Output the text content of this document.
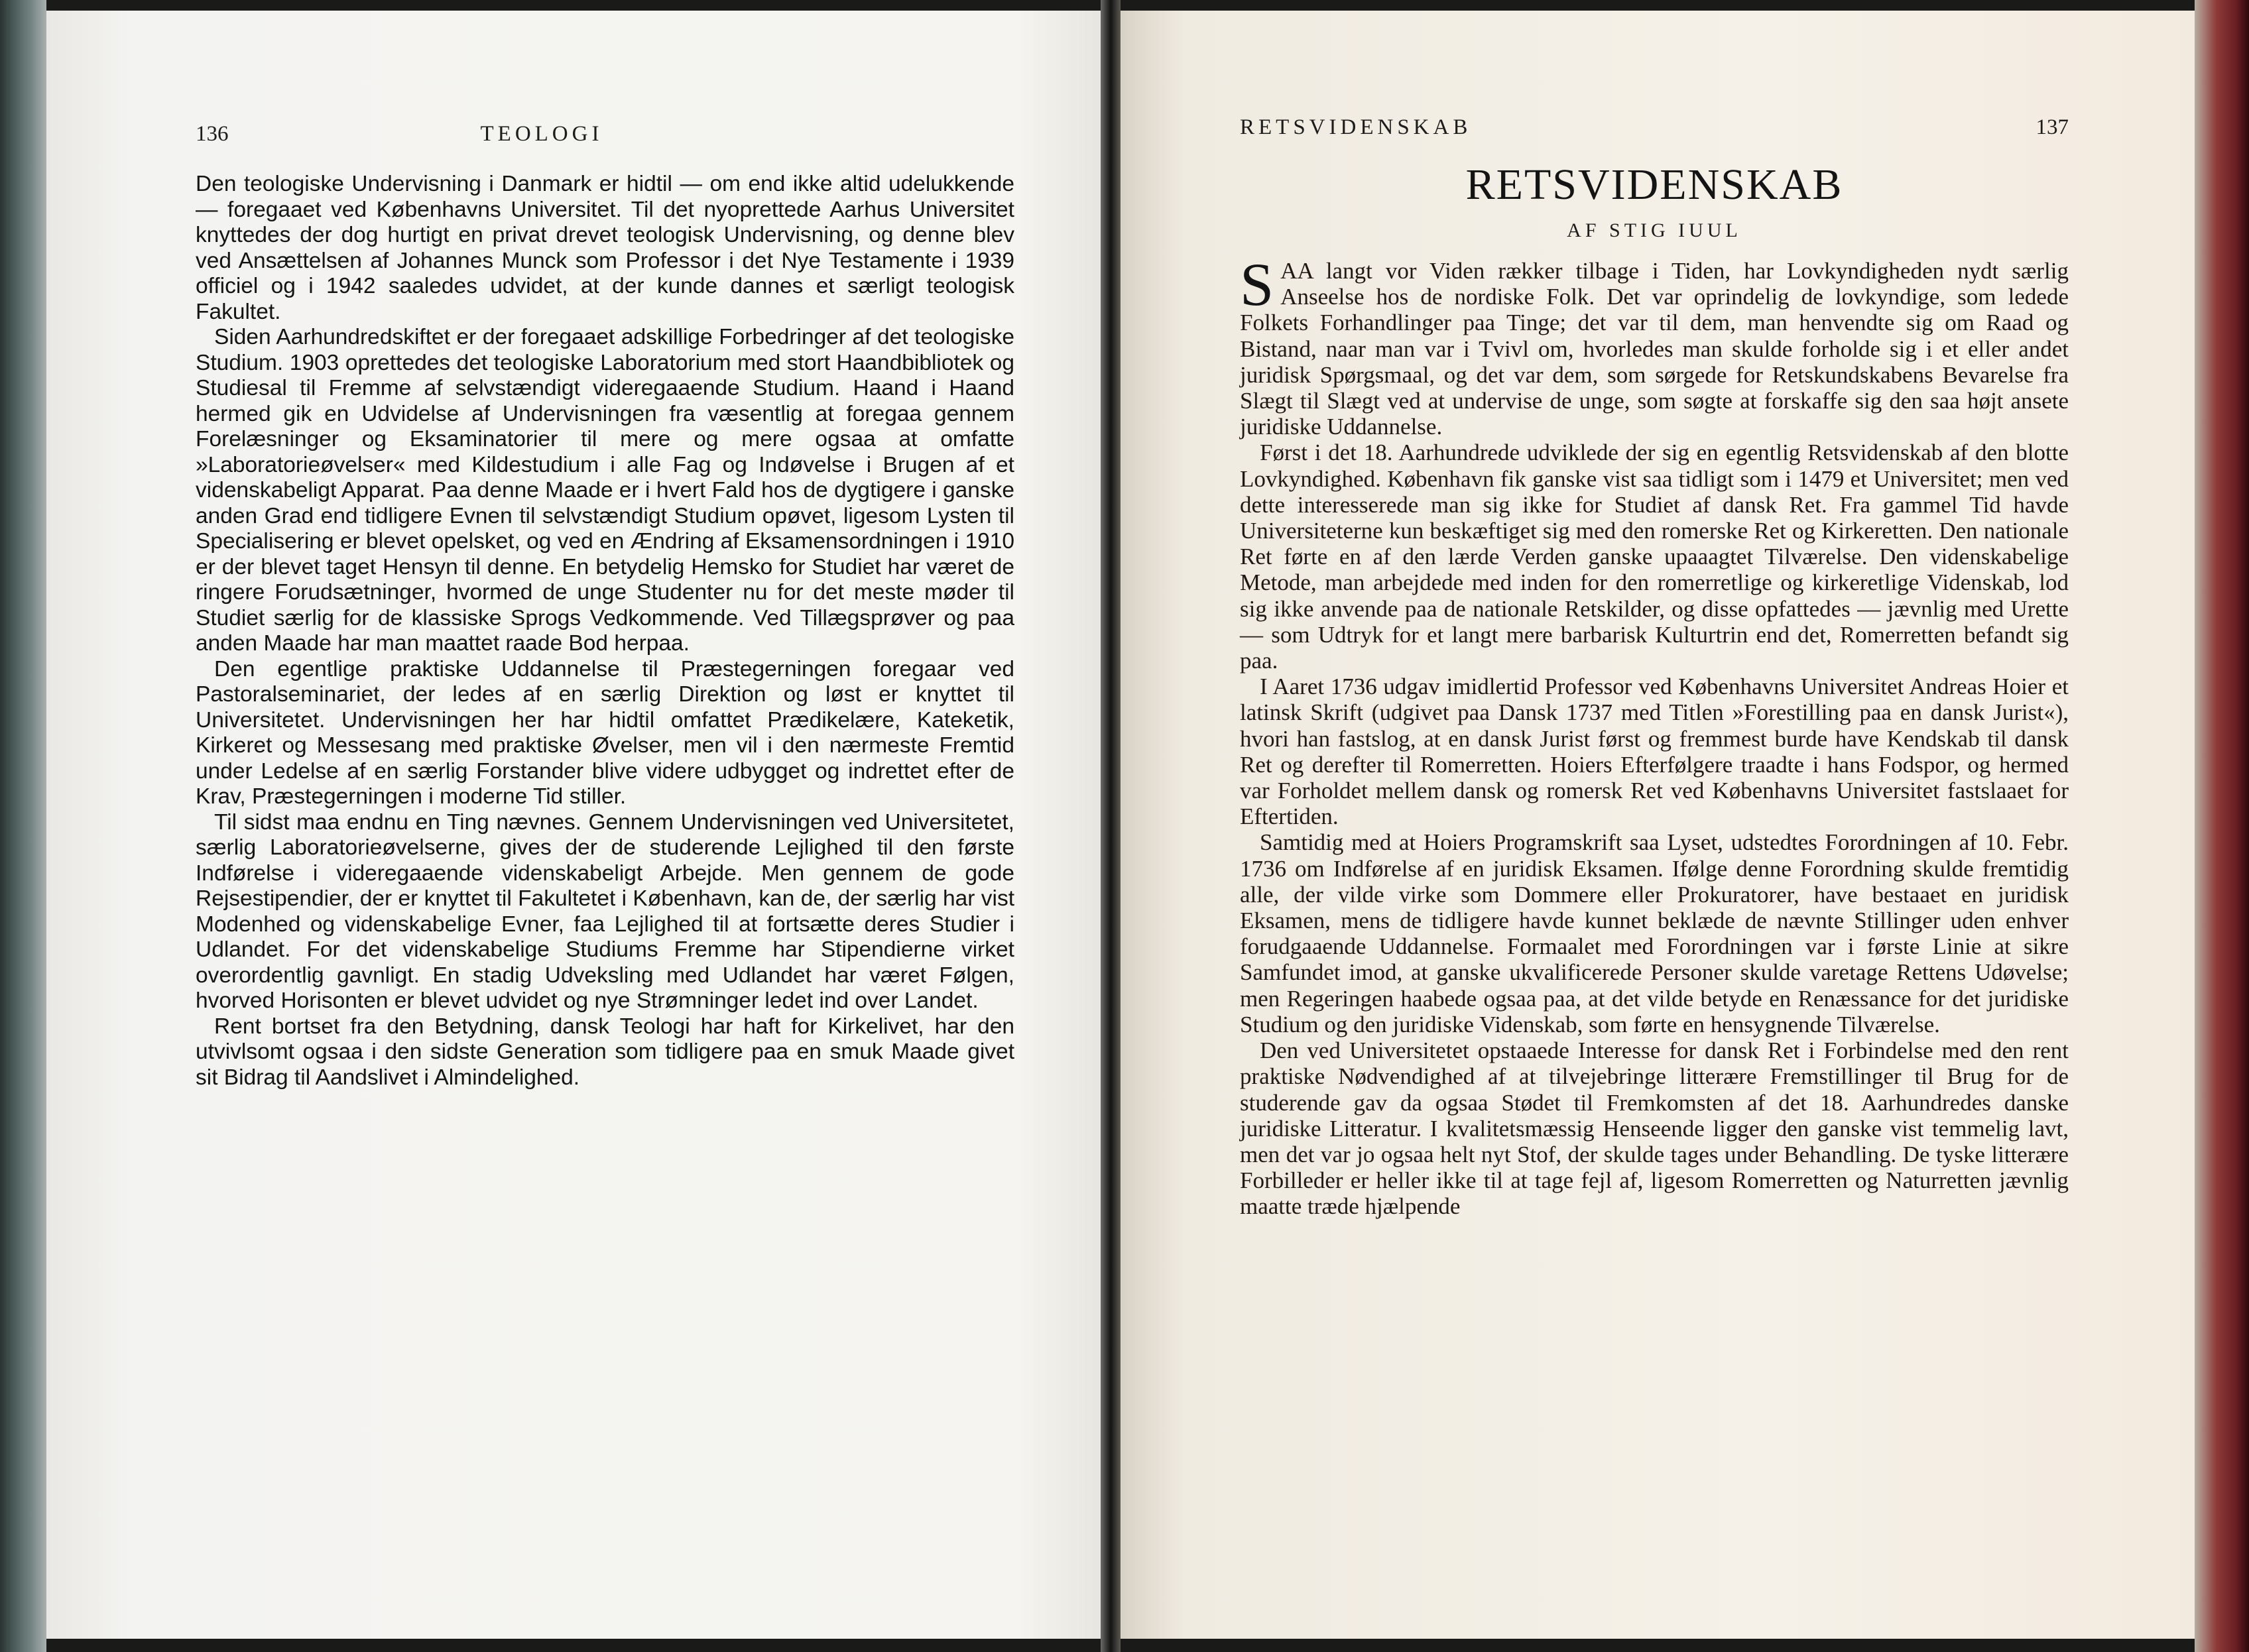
136	TEOLOGI

Den teologiske Undervisning i Danmark er hidtil — om end ikke altid udelukkende — foregaaet ved Københavns Universitet. Til det nyoprettede Aarhus Universitet knyttedes der dog hurtigt en privat drevet teologisk Undervisning, og denne blev ved Ansættelsen af Johannes Munck som Professor i det Nye Testamente i 1939 officiel og i 1942 saaledes udvidet, at der kunde dannes et særligt teologisk Fakultet.

Siden Aarhundredskiftet er der foregaaet adskillige Forbedringer af det teologiske Studium. 1903 oprettedes det teologiske Laboratorium med stort Haandbibliotek og Studiesal til Fremme af selvstændigt videregaaende Studium. Haand i Haand hermed gik en Udvidelse af Undervisningen fra væsentlig at foregaa gennem Forelæsninger og Eksaminatorier til mere og mere ogsaa at omfatte »Laboratorieøvelser« med Kildestudium i alle Fag og Indøvelse i Brugen af et videnskabeligt Apparat. Paa denne Maade er i hvert Fald hos de dygtigere i ganske anden Grad end tidligere Evnen til selvstændigt Studium opøvet, ligesom Lysten til Specialisering er blevet opelsket, og ved en Ændring af Eksamensordningen i 1910 er der blevet taget Hensyn til denne. En betydelig Hemsko for Studiet har været de ringere Forudsætninger, hvormed de unge Studenter nu for det meste møder til Studiet særlig for de klassiske Sprogs Vedkommende. Ved Tillægsprøver og paa anden Maade har man maattet raade Bod herpaa.

Den egentlige praktiske Uddannelse til Præstegerningen foregaar ved Pastoralseminariet, der ledes af en særlig Direktion og løst er knyttet til Universitetet. Undervisningen her har hidtil omfattet Prædikelære, Kateketik, Kirkeret og Messesang med praktiske Øvelser, men vil i den nærmeste Fremtid under Ledelse af en særlig Forstander blive videre udbygget og indrettet efter de Krav, Præstegerningen i moderne Tid stiller.

Til sidst maa endnu en Ting nævnes. Gennem Undervisningen ved Universitetet, særlig Laboratorieøvelserne, gives der de studerende Lejlighed til den første Indførelse i videregaaende videnskabeligt Arbejde. Men gennem de gode Rejsestipendier, der er knyttet til Fakultetet i København, kan de, der særlig har vist Modenhed og videnskabelige Evner, faa Lejlighed til at fortsætte deres Studier i Udlandet. For det videnskabelige Studiums Fremme har Stipendierne virket overordentlig gavnligt. En stadig Udveksling med Udlandet har været Følgen, hvorved Horisonten er blevet udvidet og nye Strømninger ledet ind over Landet.

Rent bortset fra den Betydning, dansk Teologi har haft for Kirkelivet, har den utvivlsomt ogsaa i den sidste Generation som tidligere paa en smuk Maade givet sit Bidrag til Aandslivet i Almindelighed.

RETSVIDENSKAB	137
RETSVIDENSKAB
AF STIG IUUL

SAA langt vor Viden rækker tilbage i Tiden, har Lovkyndigheden nydt særlig Anseelse hos de nordiske Folk. Det var oprindelig de lovkyndige, som ledede Folkets Forhandlinger paa Tinge; det var til dem, man henvendte sig om Raad og Bistand, naar man var i Tvivl om, hvorledes man skulde forholde sig i et eller andet juridisk Spørgsmaal, og det var dem, som sørgede for Retskundskabens Bevarelse fra Slægt til Slægt ved at undervise de unge, som søgte at forskaffe sig den saa højt ansete juridiske Uddannelse.

Først i det 18. Aarhundrede udviklede der sig en egentlig Retsvidenskab af den blotte Lovkyndighed. København fik ganske vist saa tidligt som i 1479 et Universitet; men ved dette interesserede man sig ikke for Studiet af dansk Ret. Fra gammel Tid havde Universiteterne kun beskæftiget sig med den romerske Ret og Kirkeretten. Den nationale Ret førte en af den lærde Verden ganske upaaagtet Tilværelse. Den videnskabelige Metode, man arbejdede med inden for den romerretlige og kirkeretlige Videnskab, lod sig ikke anvende paa de nationale Retskilder, og disse opfattedes — jævnlig med Urette — som Udtryk for et langt mere barbarisk Kulturtrin end det, Romerretten befandt sig paa.

I Aaret 1736 udgav imidlertid Professor ved Københavns Universitet Andreas Hoier et latinsk Skrift (udgivet paa Dansk 1737 med Titlen »Forestilling paa en dansk Jurist«), hvori han fastslog, at en dansk Jurist først og fremmest burde have Kendskab til dansk Ret og derefter til Romerretten. Hoiers Efterfølgere traadte i hans Fodspor, og hermed var Forholdet mellem dansk og romersk Ret ved Københavns Universitet fastslaaet for Eftertiden.

Samtidig med at Hoiers Programskrift saa Lyset, udstedtes Forordningen af 10. Febr. 1736 om Indførelse af en juridisk Eksamen. Ifølge denne Forordning skulde fremtidig alle, der vilde virke som Dommere eller Prokuratorer, have bestaaet en juridisk Eksamen, mens de tidligere havde kunnet beklæde de nævnte Stillinger uden enhver forudgaaende Uddannelse. Formaalet med Forordningen var i første Linie at sikre Samfundet imod, at ganske ukvalificerede Personer skulde varetage Rettens Udøvelse; men Regeringen haabede ogsaa paa, at det vilde betyde en Renæssance for det juridiske Studium og den juridiske Videnskab, som førte en hensygnende Tilværelse.

Den ved Universitetet opstaaede Interesse for dansk Ret i Forbindelse med den rent praktiske Nødvendighed af at tilvejebringe litterære Fremstillinger til Brug for de studerende gav da ogsaa Stødet til Fremkomsten af det 18. Aarhundredes danske juridiske Litteratur. I kvalitetsmæssig Henseende ligger den ganske vist temmelig lavt, men det var jo ogsaa helt nyt Stof, der skulde tages under Behandling. De tyske litterære Forbilleder er heller ikke til at tage fejl af, ligesom Romerretten og Naturretten jævnlig maatte træde hjælpende
